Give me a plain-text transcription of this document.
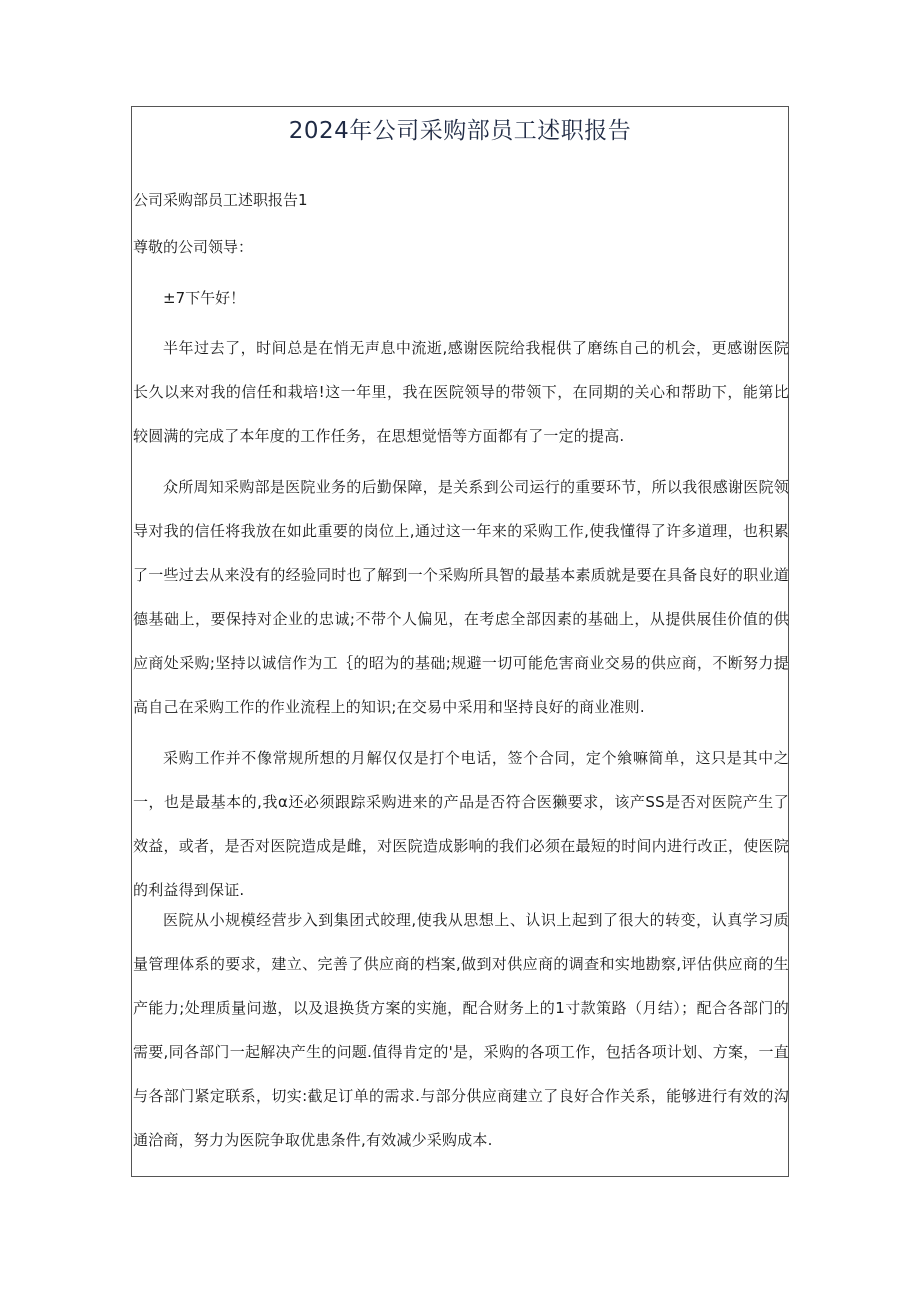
2024年公司采购部员工述职报告

公司采购部员工述职报告1

尊敬的公司领导：

±7下午好！

半年过去了，时间总是在悄无声息中流逝,感谢医院给我棍供了磨练自己的机会，更感谢医院长久以来对我的信任和栽培!这一年里，我在医院领导的带领下，在同期的关心和帮助下，能第比较圆满的完成了本年度的工作任务，在思想觉悟等方面都有了一定的提高.

众所周知采购部是医院业务的后勤保障，是关系到公司运行的重要环节，所以我很感谢医院领导对我的信任将我放在如此重要的岗位上,通过这一年来的采购工作,使我懂得了许多道理，也积累了一些过去从来没有的经验同时也了解到一个采购所具智的最基本素质就是要在具备良好的职业道德基础上，要保持对企业的忠诚;不带个人偏见，在考虑全部因素的基础上，从提供展佳价值的供应商处采购;坚持以诚信作为工｛的昭为的基础;规避一切可能危害商业交易的供应商，不断努力提高自己在采购工作的作业流程上的知识;在交易中采用和坚持良好的商业准则.

采购工作并不像常规所想的月解仅仅是打个电话，签个合同，定个飨嘛简单，这只是其中之一，也是最基本的,我α还必须跟踪采购进来的产品是否符合医獭要求，该产SS是否对医院产生了效益，或者，是否对医院造成是雌，对医院造成影响的我们必须在最短的时间内进行改正，使医院的利益得到保证.

医院从小规模经营步入到集团式皎理,使我从思想上、认识上起到了很大的转变，认真学习质量管理体系的要求，建立、完善了供应商的档案,做到对供应商的调查和实地勘察,评估供应商的生产能力;处理质量问遨，以及退换货方案的实施，配合财务上的1寸款策路（月结）；配合各部门的需要,同各部门一起解决产生的问题.值得肯定的'是，采购的各项工作，包括各项计划、方案，一直与各部门紧定联系，切实:截足订单的需求.与部分供应商建立了良好合作关系，能够进行有效的沟通洽商，努力为医院争取优患条件,有效减少采购成本.
